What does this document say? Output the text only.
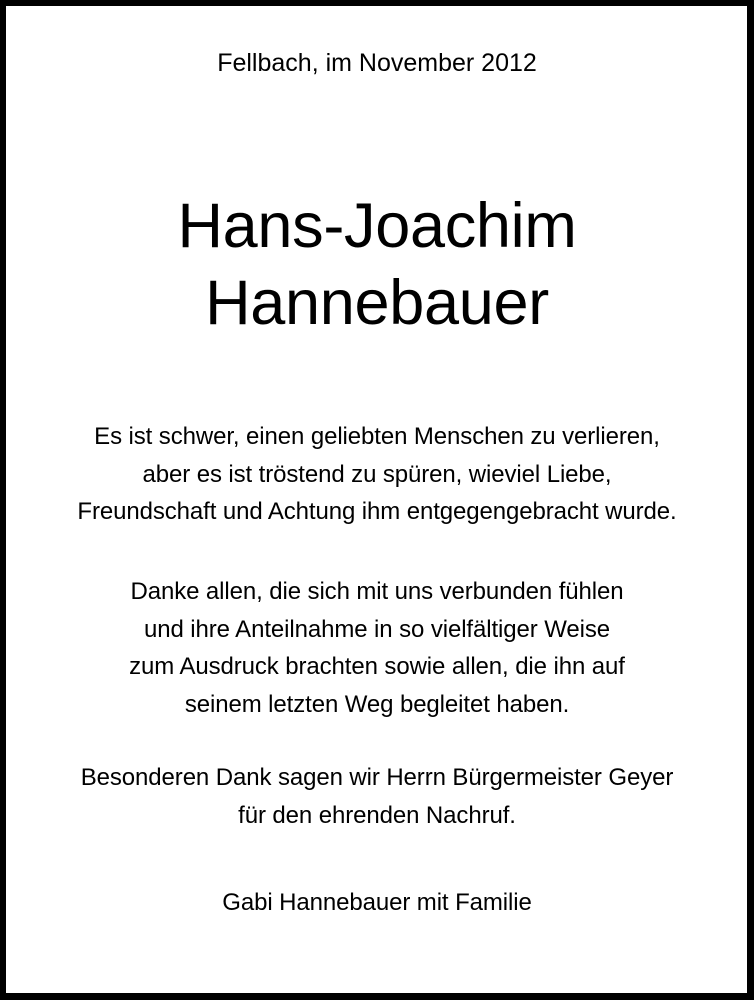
Fellbach, im November 2012
Hans-Joachim
Hannebauer
Es ist schwer, einen geliebten Menschen zu verlieren,
aber es ist tröstend zu spüren, wieviel Liebe,
Freundschaft und Achtung ihm entgegengebracht wurde.
Danke allen, die sich mit uns verbunden fühlen
und ihre Anteilnahme in so vielfältiger Weise
zum Ausdruck brachten sowie allen, die ihn auf
seinem letzten Weg begleitet haben.
Besonderen Dank sagen wir Herrn Bürgermeister Geyer
für den ehrenden Nachruf.
Gabi Hannebauer mit Familie
